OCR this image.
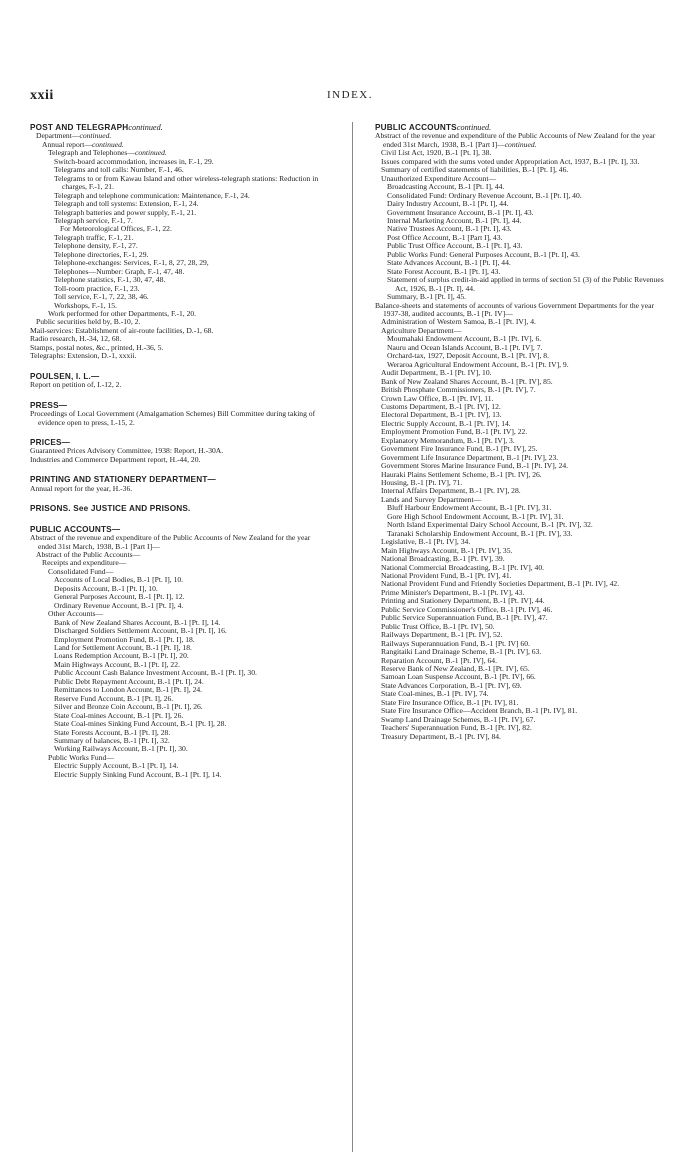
xxii	INDEX.
POST AND TELEGRAPHcontinued.
Department—continued.
Annual report—continued.
Telegraph and Telephones—continued.
Switch-board accommodation, increases in, F.-1, 29.
Telegrams and toll calls: Number, F.-1, 46.
Telegrams to or from Kawau Island and other wireless-telegraph stations: Reduction in charges, F.-1, 21.
Telegraph and telephone communication: Maintenance, F.-1, 24.
Telegraph and toll systems: Extension, F.-1, 24.
Telegraph batteries and power supply, F.-1, 21.
Telegraph service, F.-1, 7.
For Meteorological Offices, F.-1, 22.
Telegraph traffic, F.-1, 21.
Telephone density, F.-1, 27.
Telephone directories, F.-1, 29.
Telephone-exchanges: Services, F.-1, 8, 27, 28, 29,
Telephones—Number: Graph, F.-1, 47, 48.
Telephone statistics, F.-1, 30, 47, 48.
Toll-room practice, F.-1, 23.
Toll service, F.-1, 7, 22, 38, 46.
Workshops, F.-1, 15.
Work performed for other Departments, F.-1, 20.
Public securities held by, B.-10, 2.
Mail-services: Establishment of air-route facilities, D.-1, 68.
Radio research, H.-34, 12, 68.
Stamps, postal notes, &c., printed, H.-36, 5.
Telegraphs: Extension, D.-1, xxxii.
POULSEN, I. L.—
Report on petition of, I.-12, 2.
PRESS—
Proceedings of Local Government (Amalgamation Schemes) Bill Committee during taking of evidence open to press, I.-15, 2.
PRICES—
Guaranteed Prices Advisory Committee, 1938: Report, H.-30A.
Industries and Commerce Department report, H.-44, 20.
PRINTING AND STATIONERY DEPARTMENT—
Annual report for the year, H.-36.
PRISONS. See JUSTICE AND PRISONS.
PUBLIC ACCOUNTS—
Abstract of the revenue and expenditure of the Public Accounts of New Zealand for the year ended 31st March, 1938, B.-1 [Part I]—
Abstract of the Public Accounts—
Receipts and expenditure—
Consolidated Fund—
Accounts of Local Bodies, B.-1 [Pt. I], 10.
Deposits Account, B.-1 [Pt. I], 10.
General Purposes Account, B.-1 [Pt. I], 12.
Ordinary Revenue Account, B.-1 [Pt. I], 4.
Other Accounts—
Bank of New Zealand Shares Account, B.-1 [Pt. I], 14.
Discharged Soldiers Settlement Account, B.-1 [Pt. I], 16.
Employment Promotion Fund, B.-1 [Pt. I], 18.
Land for Settlement Account, B.-1 [Pt. I], 18.
Loans Redemption Account, B.-1 [Pt. I], 20.
Main Highways Account, B.-1 [Pt. I], 22.
Public Account Cash Balance Investment Account, B.-1 [Pt. I], 30.
Public Debt Repayment Account, B.-1 [Pt. I], 24.
Remittances to London Account, B.-1 [Pt. I], 24.
Reserve Fund Account, B.-1 [Pt. I], 26.
Silver and Bronze Coin Account, B.-1 [Pt. I], 26.
State Coal-mines Account, B.-1 [Pt. I], 26.
State Coal-mines Sinking Fund Account, B.-1 [Pt. I], 28.
State Forests Account, B.-1 [Pt. I], 28.
Summary of balances, B.-1 [Pt. I], 32.
Working Railways Account, B.-1 [Pt. I], 30.
Public Works Fund—
Electric Supply Account, B.-1 [Pt. I], 14.
Electric Supply Sinking Fund Account, B.-1 [Pt. I], 14.
PUBLIC ACCOUNTScontinued.
Abstract of the revenue and expenditure of the Public Accounts of New Zealand for the year ended 31st March, 1938, B.-1 [Part I]—continued.
Civil List Act, 1920, B.-1 [Pt. I], 38.
Issues compared with the sums voted under Appropriation Act, 1937, B.-1 [Pt. I], 33.
Summary of certified statements of liabilities, B.-1 [Pt. I], 46.
Unauthorized Expenditure Account—
Broadcasting Account, B.-1 [Pt. I], 44.
Consolidated Fund: Ordinary Revenue Account, B.-1 [Pt. I], 40.
Dairy Industry Account, B.-1 [Pt. I], 44.
Government Insurance Account, B.-1 [Pt. I], 43.
Internal Marketing Account, B.-1 [Pt. I], 44.
Native Trustees Account, B.-1 [Pt. I], 43.
Post Office Account, B.-1 [Part I], 43.
Public Trust Office Account, B.-1 [Pt. I], 43.
Public Works Fund: General Purposes Account, B.-1 [Pt. I], 43.
State Advances Account, B.-1 [Pt. I], 44.
State Forest Account, B.-1 [Pt. I], 43.
Statement of surplus credit-in-aid applied in terms of section 51 (3) of the Public Revenues Act, 1926, B.-1 [Pt. I], 44.
Summary, B.-1 [Pt. I], 45.
Balance-sheets and statements of accounts of various Government Departments for the year 1937-38, audited accounts, B.-1 [Pt. IV]—
Administration of Western Samoa, B.-1 [Pt. IV], 4.
Agriculture Department—
Moumahaki Endowment Account, B.-1 [Pt. IV], 6.
Nauru and Ocean Islands Account, B.-1 [Pt. IV], 7.
Orchard-tax, 1927, Deposit Account, B.-1 [Pt. IV], 8.
Weraroa Agricultural Endowment Account, B.-1 [Pt. IV], 9.
Audit Department, B.-1 [Pt. IV], 10.
Bank of New Zealand Shares Account, B.-1 [Pt. IV], 85.
British Phosphate Commissioners, B.-1 [Pt. IV], 7.
Crown Law Office, B.-1 [Pt. IV], 11.
Customs Department, B.-1 [Pt. IV], 12.
Electoral Department, B.-1 [Pt. IV], 13.
Electric Supply Account, B.-1 [Pt. IV], 14.
Employment Promotion Fund, B.-1 [Pt. IV], 22.
Explanatory Memorandum, B.-1 [Pt. IV], 3.
Government Fire Insurance Fund, B.-1 [Pt. IV], 25.
Government Life Insurance Department, B.-1 [Pt. IV], 23.
Government Stores Marine Insurance Fund, B.-1 [Pt. IV], 24.
Hauraki Plains Settlement Scheme, B.-1 [Pt. IV], 26.
Housing, B.-1 [Pt. IV], 71.
Internal Affairs Department, B.-1 [Pt. IV], 28.
Lands and Survey Department—
Bluff Harbour Endowment Account, B.-1 [Pt. IV], 31.
Gore High School Endowment Account, B.-1 [Pt. IV], 31.
North Island Experimental Dairy School Account, B.-1 [Pt. IV], 32.
Taranaki Scholarship Endowment Account, B.-1 [Pt. IV], 33.
Legislative, B.-1 [Pt. IV], 34.
Main Highways Account, B.-1 [Pt. IV], 35.
National Broadcasting, B.-1 [Pt. IV], 39.
National Commercial Broadcasting, B.-1 [Pt. IV], 40.
National Provident Fund, B.-1 [Pt. IV], 41.
National Provident Fund and Friendly Societies Department, B.-1 [Pt. IV], 42.
Prime Minister's Department, B.-1 [Pt. IV], 43.
Printing and Stationery Department, B.-1 [Pt. IV], 44.
Public Service Commissioner's Office, B.-1 [Pt. IV], 46.
Public Service Superannuation Fund, B.-1 [Pt. IV], 47.
Public Trust Office, B.-1 [Pt. IV], 50.
Railways Department, B.-1 [Pt. IV], 52.
Railways Superannuation Fund, B.-1 [Pt. IV] 60.
Rangitaiki Land Drainage Scheme, B.-1 [Pt. IV], 63.
Reparation Account, B.-1 [Pt. IV], 64.
Reserve Bank of New Zealand, B.-1 [Pt. IV], 65.
Samoan Loan Suspense Account, B.-1 [Pt. IV], 66.
State Advances Corporation, B.-1 [Pt. IV], 69.
State Coal-mines, B.-1 [Pt. IV], 74.
State Fire Insurance Office, B.-1 [Pt. IV], 81.
State Fire Insurance Office—Accident Branch, B.-1 [Pt. IV], 81.
Swamp Land Drainage Schemes, B.-1 [Pt. IV], 67.
Teachers' Superannuation Fund, B.-1 [Pt. IV], 82.
Treasury Department, B.-1 [Pt. IV], 84.
